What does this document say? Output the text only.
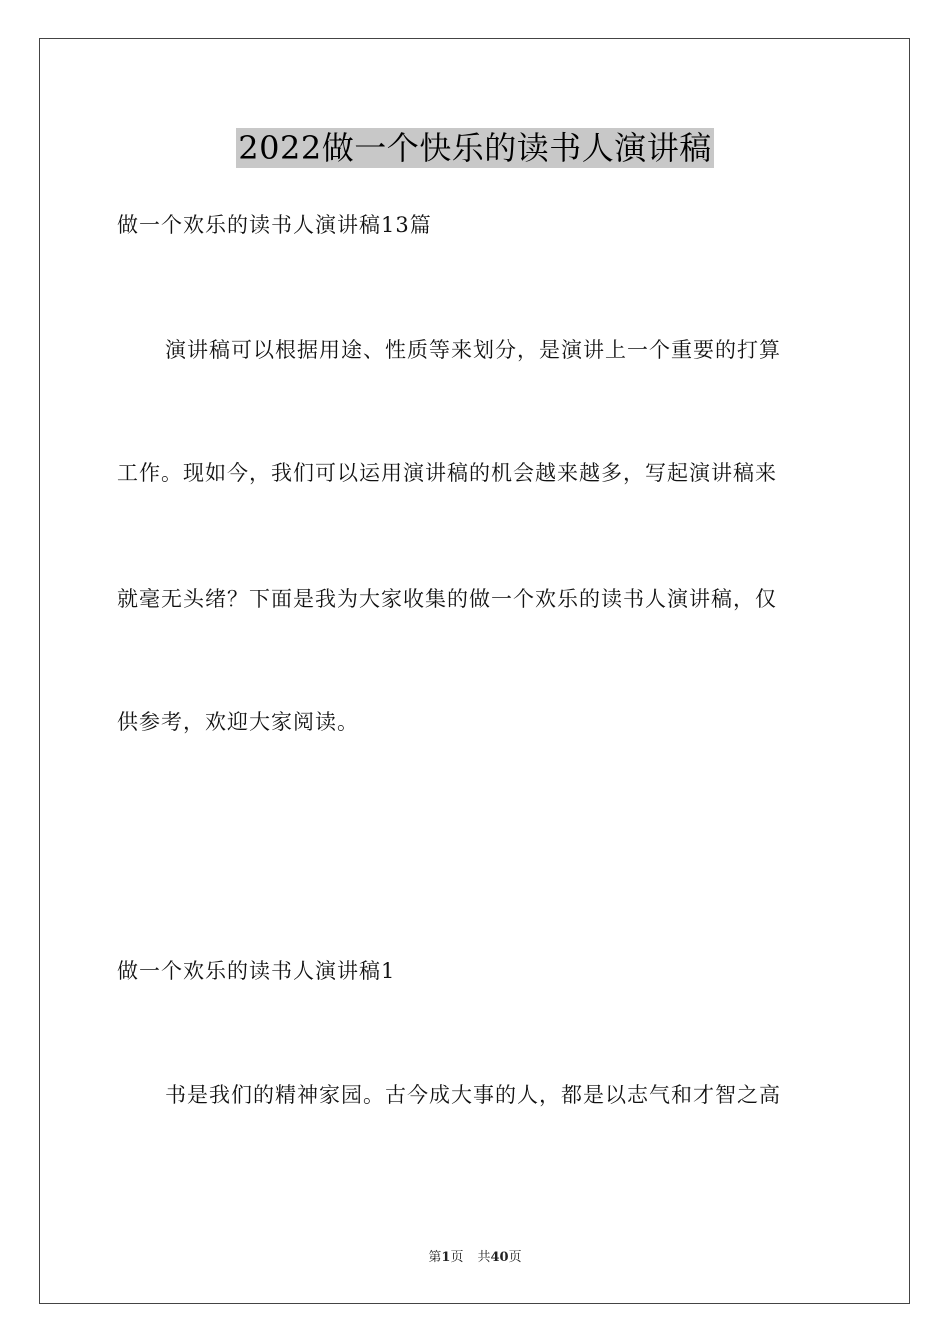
2022做一个快乐的读书人演讲稿
做一个欢乐的读书人演讲稿13篇
演讲稿可以根据用途、性质等来划分，是演讲上一个重要的打算
工作。现如今，我们可以运用演讲稿的机会越来越多，写起演讲稿来
就毫无头绪？下面是我为大家收集的做一个欢乐的读书人演讲稿，仅
供参考，欢迎大家阅读。
做一个欢乐的读书人演讲稿1
书是我们的精神家园。古今成大事的人，都是以志气和才智之高
第1页 共40页
